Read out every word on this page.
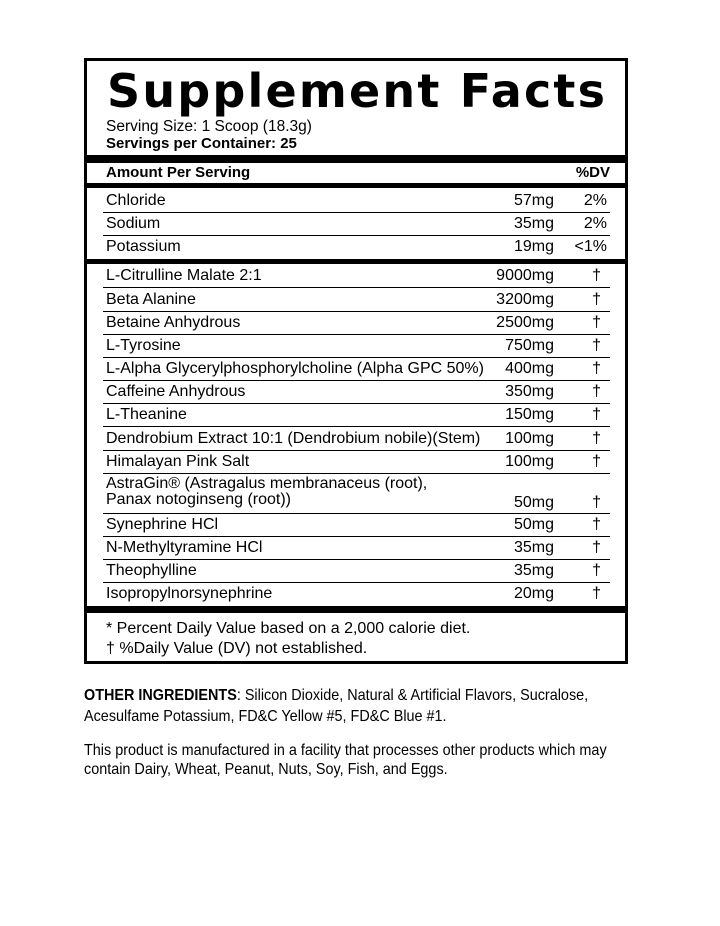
Supplement Facts
Serving Size: 1 Scoop (18.3g)
Servings per Container: 25
Amount Per Serving	%DV
Chloride	57mg 2%
Sodium	35mg 2%
Potassium	19mg <1%
L-Citrulline Malate 2:1	9000mg †
Beta Alanine	3200mg †
Betaine Anhydrous	2500mg †
L-Tyrosine	750mg †
L-Alpha Glycerylphosphorylcholine (Alpha GPC 50%) 400mg †
Caffeine Anhydrous	350mg †
L-Theanine	150mg †
Dendrobium Extract 10:1 (Dendrobium nobile)(Stem) 100mg †
Himalayan Pink Salt	100mg †
AstraGin® (Astragalus membranaceus (root),
Panax notoginseng (root))	50mg †
Synephrine HCl	50mg †
N-Methyltyramine HCl	35mg †
Theophylline	35mg †
Isopropylnorsynephrine	20mg †
* Percent Daily Value based on a 2,000 calorie diet.
† %Daily Value (DV) not established.
OTHER INGREDIENTS: Silicon Dioxide, Natural & Artificial Flavors, Sucralose, Acesulfame Potassium, FD&C Yellow #5, FD&C Blue #1.
This product is manufactured in a facility that processes other products which may contain Dairy, Wheat, Peanut, Nuts, Soy, Fish, and Eggs.
